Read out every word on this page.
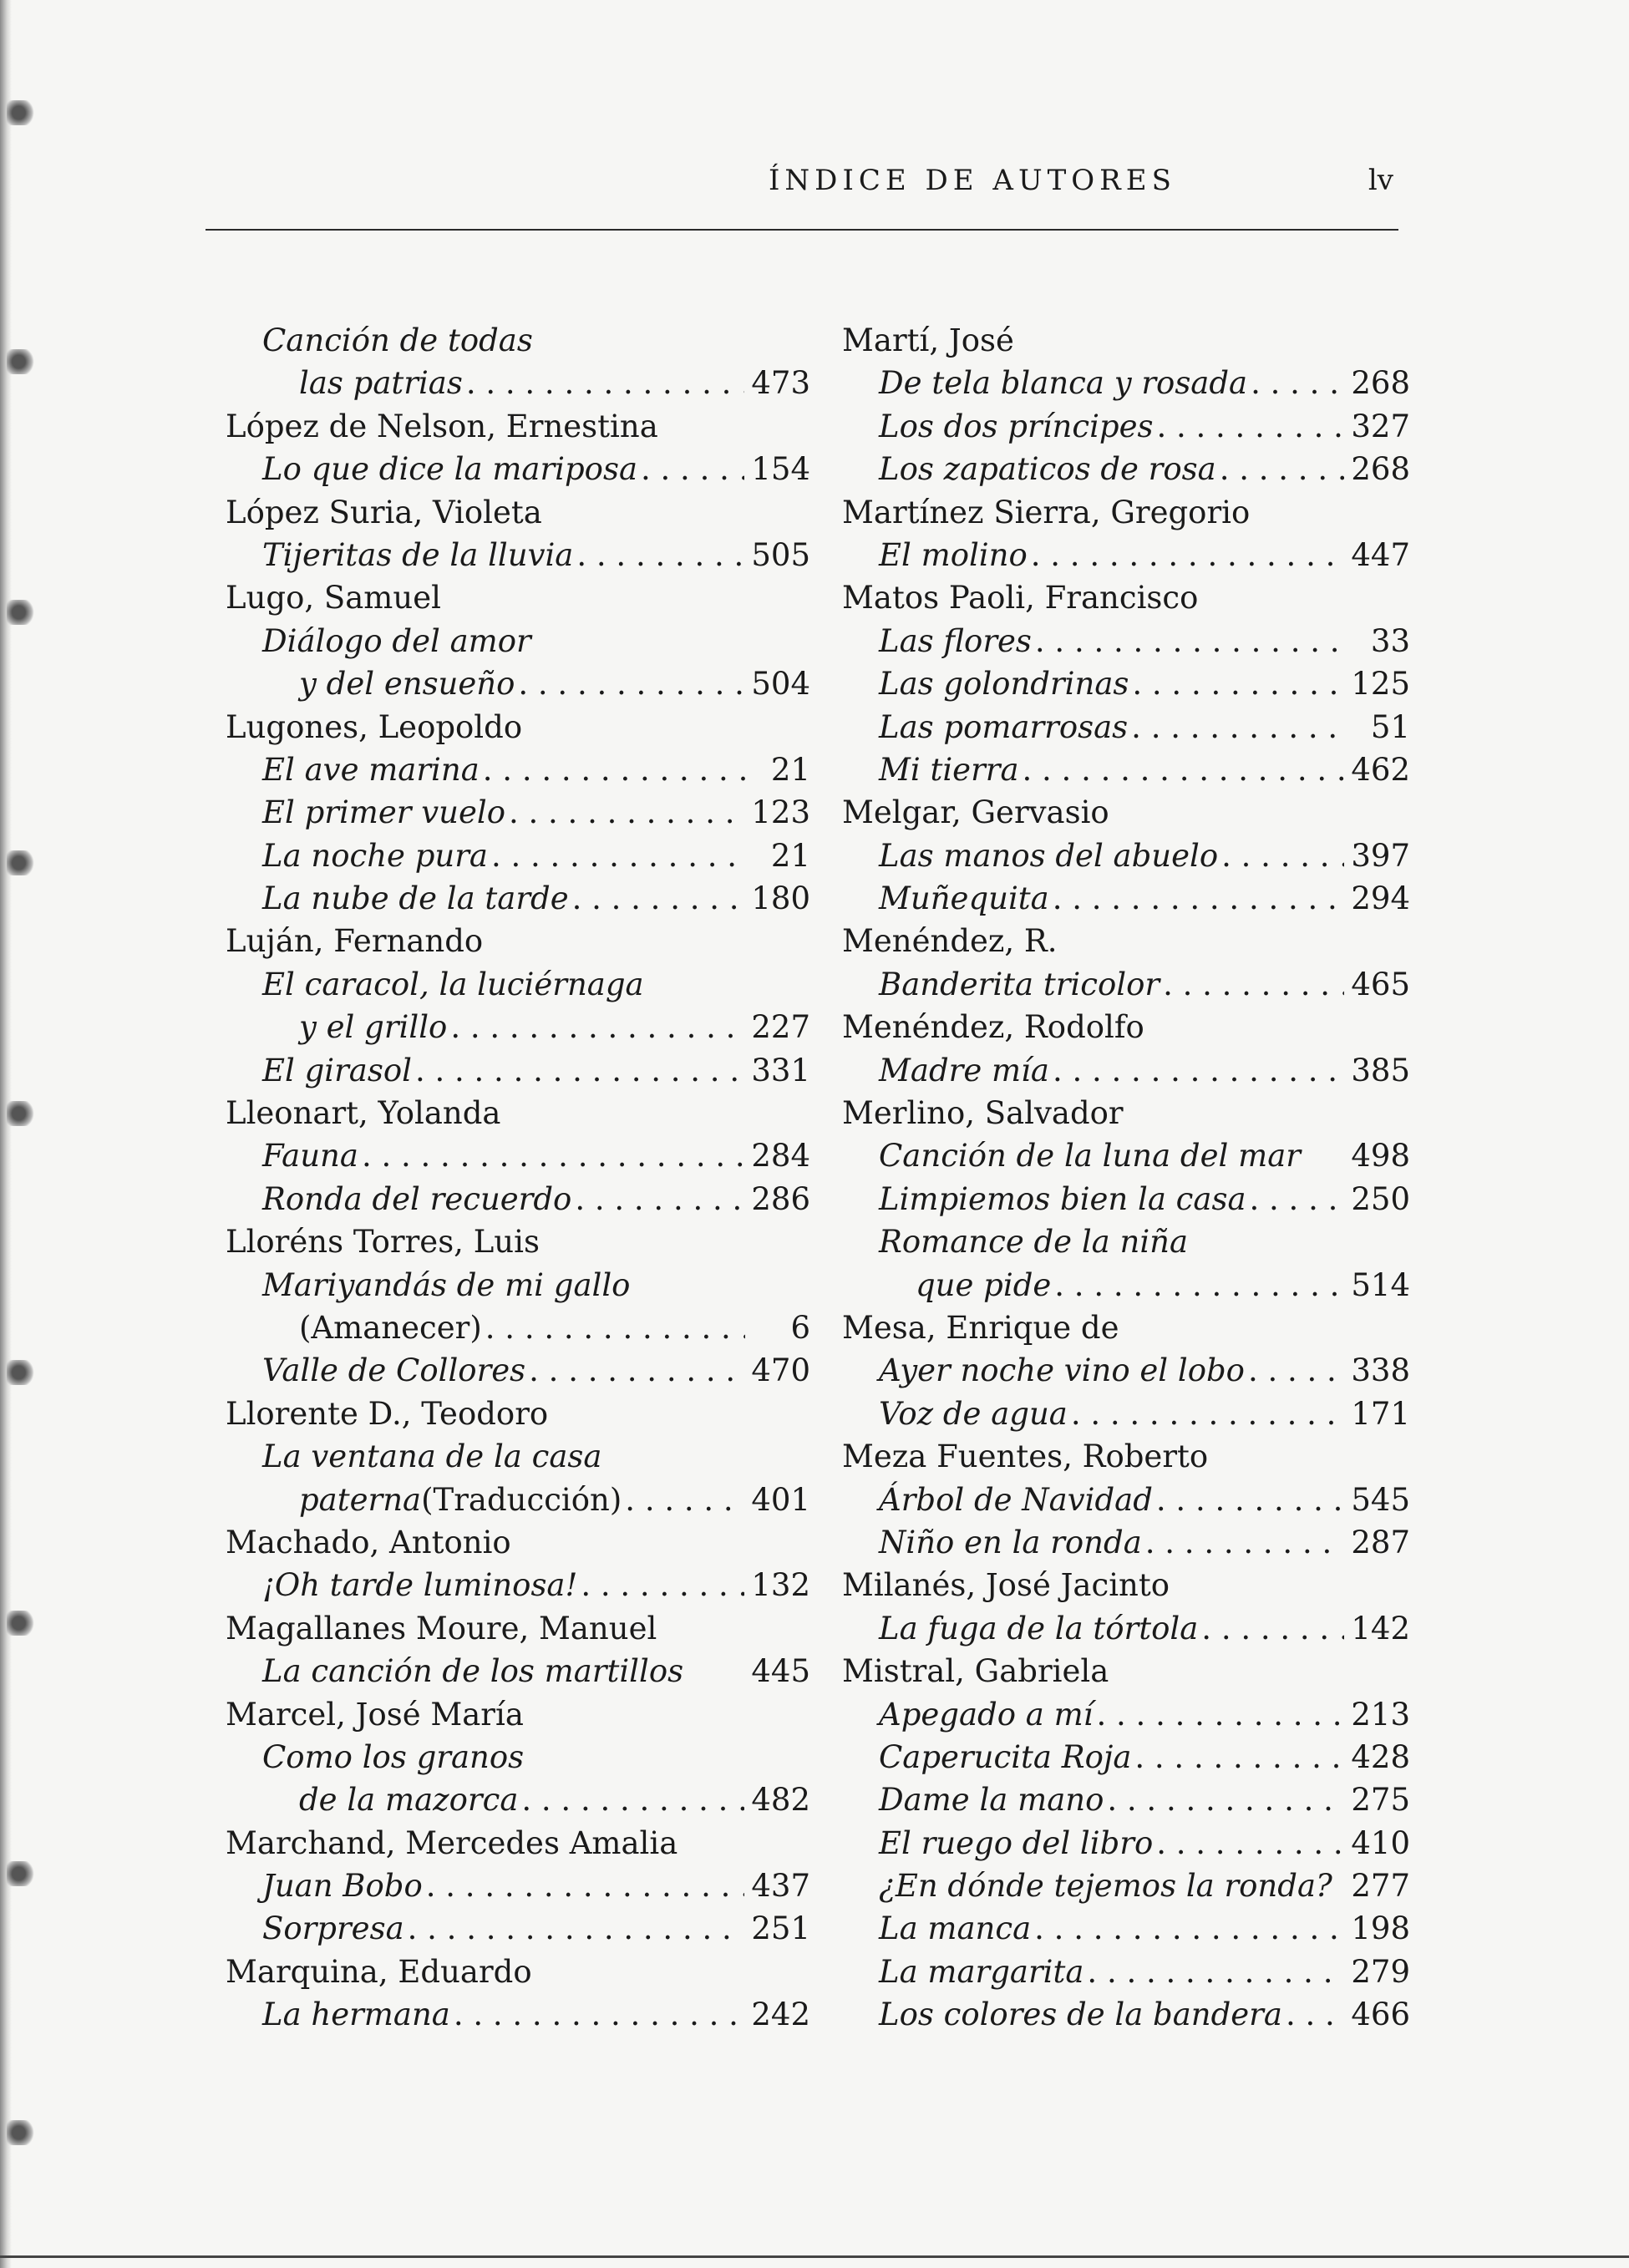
ÍNDICE DE AUTORES	lv
Canción de todas
las patrias . . .	473
López de Nelson, Ernestina
Lo que dice la mariposa . . .	154
López Suria, Violeta
Tijeritas de la lluvia . . .	505
Lugo, Samuel
Diálogo del amor
y del ensueño . . .	504
Lugones, Leopoldo
El ave marina . . .	21
El primer vuelo . . .	123
La noche pura . . .	21
La nube de la tarde . . .	180
Luján, Fernando
El caracol, la luciérnaga
y el grillo . . .	227
El girasol . . .	331
Lleonart, Yolanda
Fauna . . .	284
Ronda del recuerdo . . .	286
Lloréns Torres, Luis
Mariyandás de mi gallo
(Amanecer) . . .	6
Valle de Collores . . .	470
Llorente D., Teodoro
La ventana de la casa
paterna (Traducción) . . .	401
Machado, Antonio
¡Oh tarde luminosa! . . .	132
Magallanes Moure, Manuel
La canción de los martillos 445
Marcel, José María
Como los granos
de la mazorca . . .	482
Marchand, Mercedes Amalia
Juan Bobo . . .	437
Sorpresa . . .	251
Marquina, Eduardo
La hermana . . .	242
Martí, José
De tela blanca y rosada . . .	268
Los dos príncipes . . .	327
Los zapaticos de rosa . . .	268
Martínez Sierra, Gregorio
El molino . . .	447
Matos Paoli, Francisco
Las flores . . .	33
Las golondrinas . . .	125
Las pomarrosas . . .	51
Mi tierra . . .	462
Melgar, Gervasio
Las manos del abuelo . . .	397
Muñequita . . .	294
Menéndez, R.
Banderita tricolor . . .	465
Menéndez, Rodolfo
Madre mía . . .	385
Merlino, Salvador
Canción de la luna del mar 498
Limpiemos bien la casa . . .	250
Romance de la niña
que pide . . .	514
Mesa, Enrique de
Ayer noche vino el lobo . . .	338
Voz de agua . . .	171
Meza Fuentes, Roberto
Árbol de Navidad . . .	545
Niño en la ronda . . .	287
Milanés, José Jacinto
La fuga de la tórtola . . .	142
Mistral, Gabriela
Apegado a mí . . .	213
Caperucita Roja . . .	428
Dame la mano . . .	275
El ruego del libro . . .	410
¿En dónde tejemos la ronda? 277
La manca . . .	198
La margarita . . .	279
Los colores de la bandera . . . 466
